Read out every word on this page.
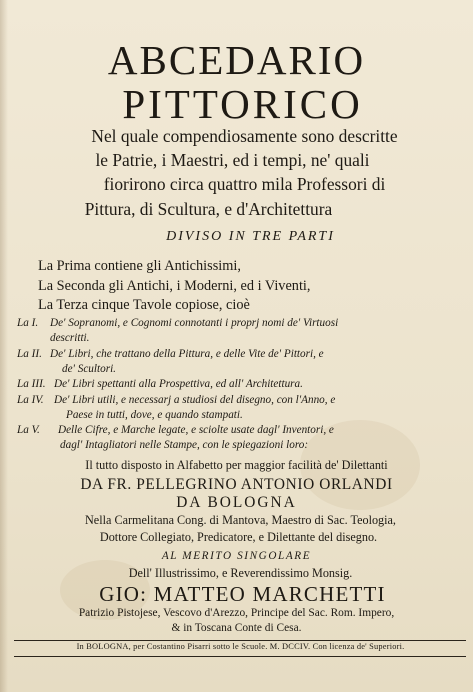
ABCEDARIO
PITTORICO
Nel quale compendiosamente sono descritte
le Patrie, i Maestri, ed i tempi, ne' quali
fiorirono circa quattro mila Professori di
Pittura, di Scultura, e d'Architettura
DIVISO IN TRE PARTI
La Prima contiene gli Antichissimi,
La Seconda gli Antichi, i Moderni, ed i Viventi,
La Terza cinque Tavole copiose, cioè
La I. De' Sopranomi, e Cognomi connotanti i proprj nomi de' Virtuosi
descritti.
La II. De' Libri, che trattano della Pittura, e delle Vite de' Pittori, e
de' Scultori.
La III. De' Libri spettanti alla Prospettiva, ed all' Architettura.
La IV. De' Libri utili, e necessarj a studiosi del disegno, con l'Anno, e
Paese in tutti, dove, e quando stampati.
La V. Delle Cifre, e Marche legate, e sciolte usate dagl' Inventori, e
dagl' Intagliatori nelle Stampe, con le spiegazioni loro:
Il tutto disposto in Alfabetto per maggior facilità de' Dilettanti
DA FR. PELLEGRINO ANTONIO ORLANDI
DA BOLOGNA
Nella Carmelitana Cong. di Mantova, Maestro di Sac. Teologia,
Dottore Collegiato, Predicatore, e Dilettante del disegno.
AL MERITO SINGOLARE
Dell' Illustrissimo, e Reverendissimo Monsig.
GIO: MATTEO MARCHETTI
Patrizio Pistojese, Vescovo d'Arezzo, Principe del Sac. Rom. Impero,
& in Toscana Conte di Cesa.
In BOLOGNA, per Costantino Pisarri sotto le Scuole. M. DCCIV. Con licenza de' Superiori.
